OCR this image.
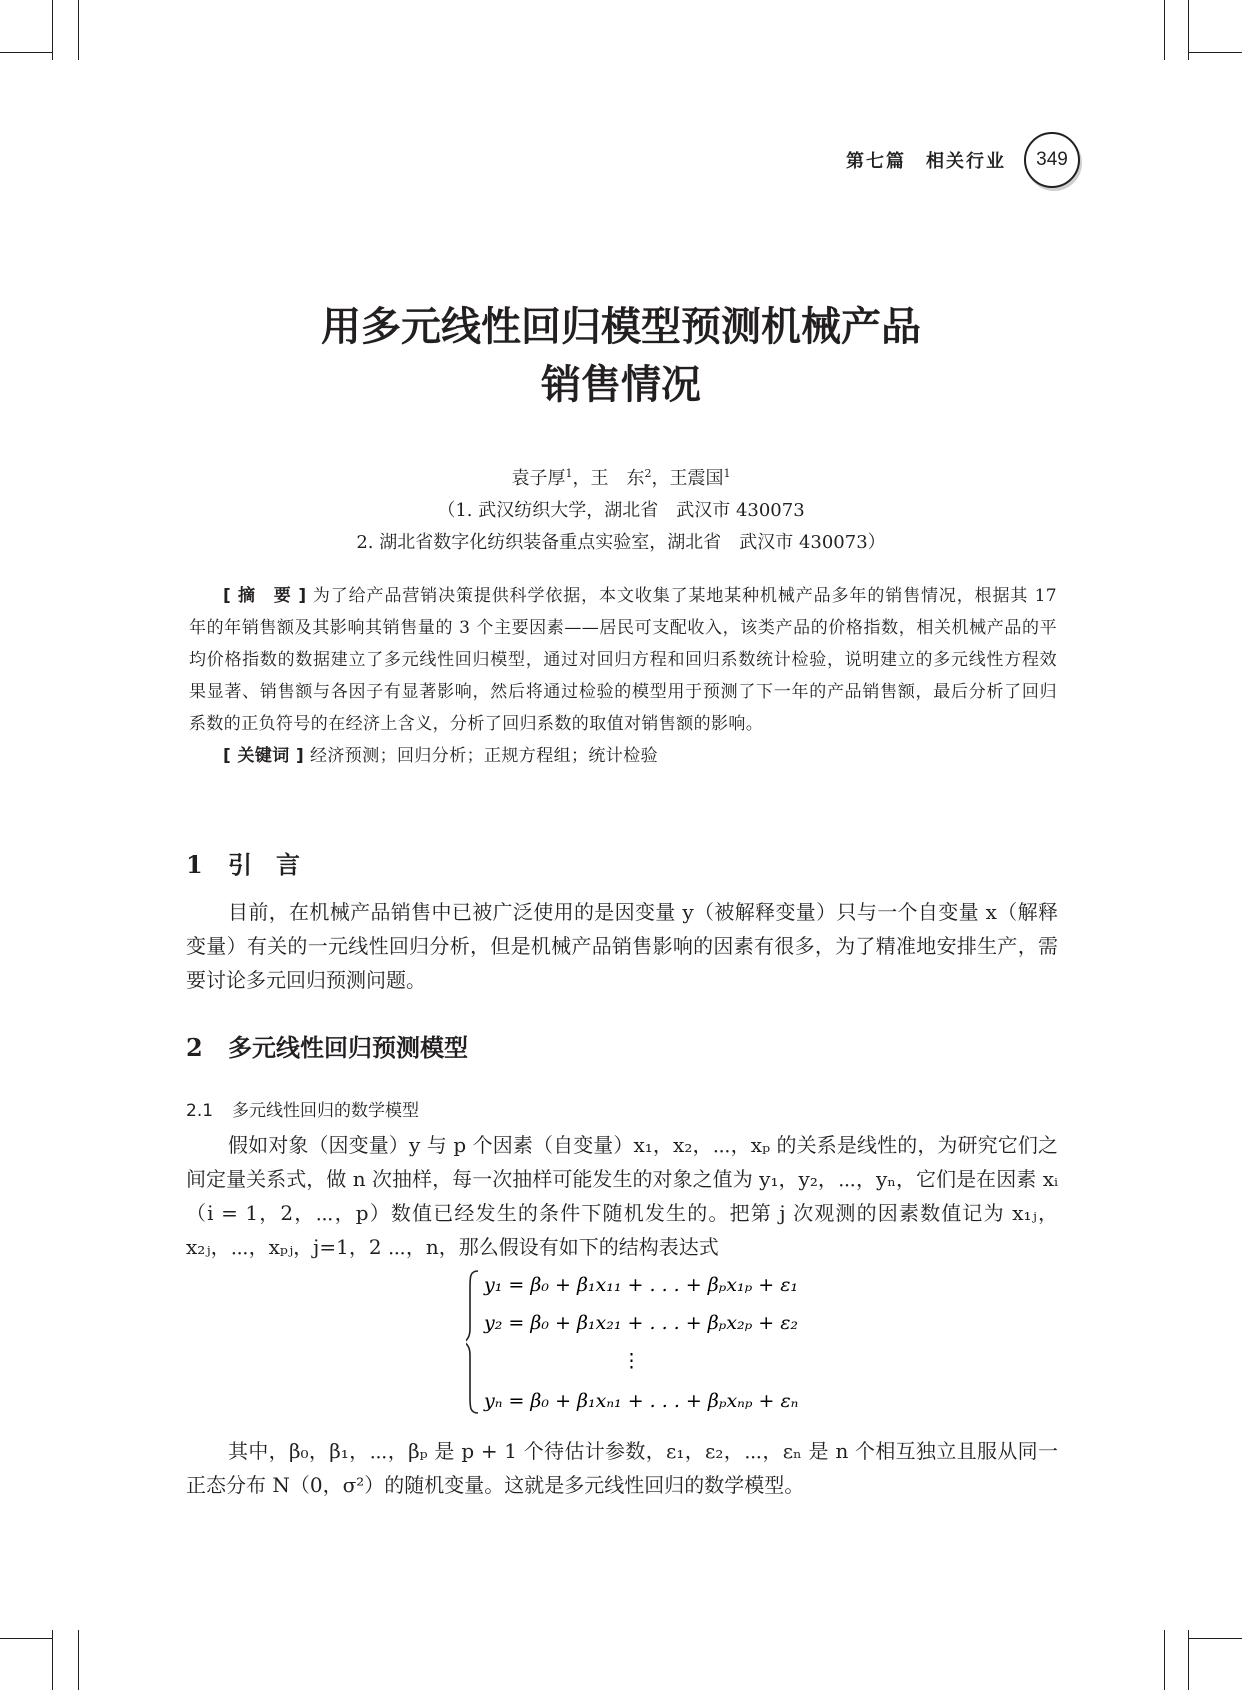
第七篇　相关行业	349
用多元线性回归模型预测机械产品
销售情况
袁子厚$^1$，王　东$^2$，王震国$^1$
（1. 武汉纺织大学，湖北省　武汉市 430073
2. 湖北省数字化纺织装备重点实验室，湖北省　武汉市 430073）

[ 摘　要 ] 为了给产品营销决策提供科学依据，本文收集了某地某种机械产品多年的销售情况，根据其 17 年的年销售额及其影响其销售量的 3 个主要因素——居民可支配收入，该类产品的价格指数，相关机械产品的平均价格指数的数据建立了多元线性回归模型，通过对回归方程和回归系数统计检验，说明建立的多元线性方程效果显著、销售额与各因子有显著影响，然后将通过检验的模型用于预测了下一年的产品销售额，最后分析了回归系数的正负符号的在经济上含义，分析了回归系数的取值对销售额的影响。

[ 关键词 ] 经济预测；回归分析；正规方程组；统计检验

1 引　言

目前，在机械产品销售中已被广泛使用的是因变量 y（被解释变量）只与一个自变量 x（解释变量）有关的一元线性回归分析，但是机械产品销售影响的因素有很多，为了精准地安排生产，需要讨论多元回归预测问题。

2 多元线性回归预测模型
2.1 多元线性回归的数学模型

假如对象（因变量）y 与 p 个因素（自变量）x₁，x₂，⋯，xₚ 的关系是线性的，为研究它们之间定量关系式，做 n 次抽样，每一次抽样可能发生的对象之值为 y₁，y₂，⋯，yₙ，它们是在因素 xᵢ（i = 1，2，⋯，p）数值已经发生的条件下随机发生的。把第 j 次观测的因素数值记为 x₁ⱼ，x₂ⱼ，⋯，xₚⱼ，j=1，2 ⋯，n，那么假设有如下的结构表达式

y₁ = β₀ + β₁x₁₁ + . . . + βₚx₁ₚ + ε₁
y₂ = β₀ + β₁x₂₁ + . . . + βₚx₂ₚ + ε₂
⋮
yₙ = β₀ + β₁xₙ₁ + . . . + βₚxₙₚ + εₙ

其中，β₀，β₁，⋯，βₚ 是 p + 1 个待估计参数，ε₁，ε₂，⋯，εₙ 是 n 个相互独立且服从同一正态分布 N（0，σ²）的随机变量。这就是多元线性回归的数学模型。
